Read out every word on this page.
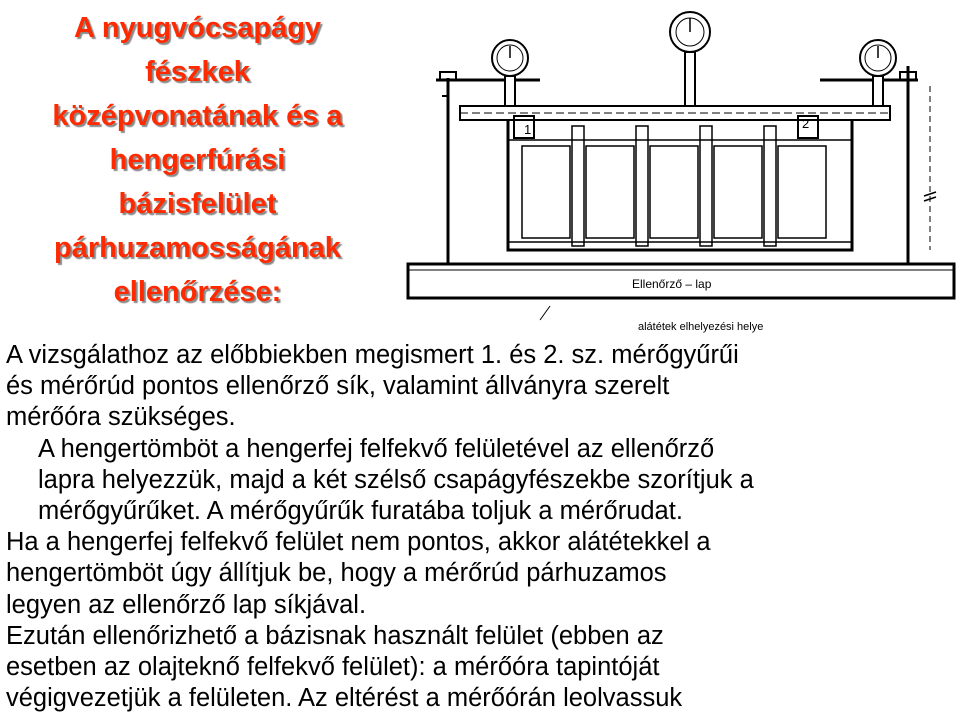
A nyugvócsapágy
fészkek
középvonatának és a
hengerfúrási
bázisfelület
párhuzamosságának
ellenőrzése:
1	2
Ellenőrző – lap
alátétek elhelyezési helye

A vizsgálathoz az előbbiekben megismert 1. és 2. sz. mérőgyűrűi
és mérőrúd pontos ellenőrző sík, valamint állványra szerelt
mérőóra szükséges.

A hengertömböt a hengerfej felfekvő felületével az ellenőrző
lapra helyezzük, majd a két szélső csapágyfészekbe szorítjuk a
mérőgyűrűket. A mérőgyűrűk furatába toljuk a mérőrudat.

Ha a hengerfej felfekvő felület nem pontos, akkor alátétekkel a
hengertömböt úgy állítjuk be, hogy a mérőrúd párhuzamos
legyen az ellenőrző lap síkjával.

Ezután ellenőrizhető a bázisnak használt felület (ebben az
esetben az olajteknő felfekvő felület): a mérőóra tapintóját
végigvezetjük a felületen. Az eltérést a mérőórán leolvassuk
